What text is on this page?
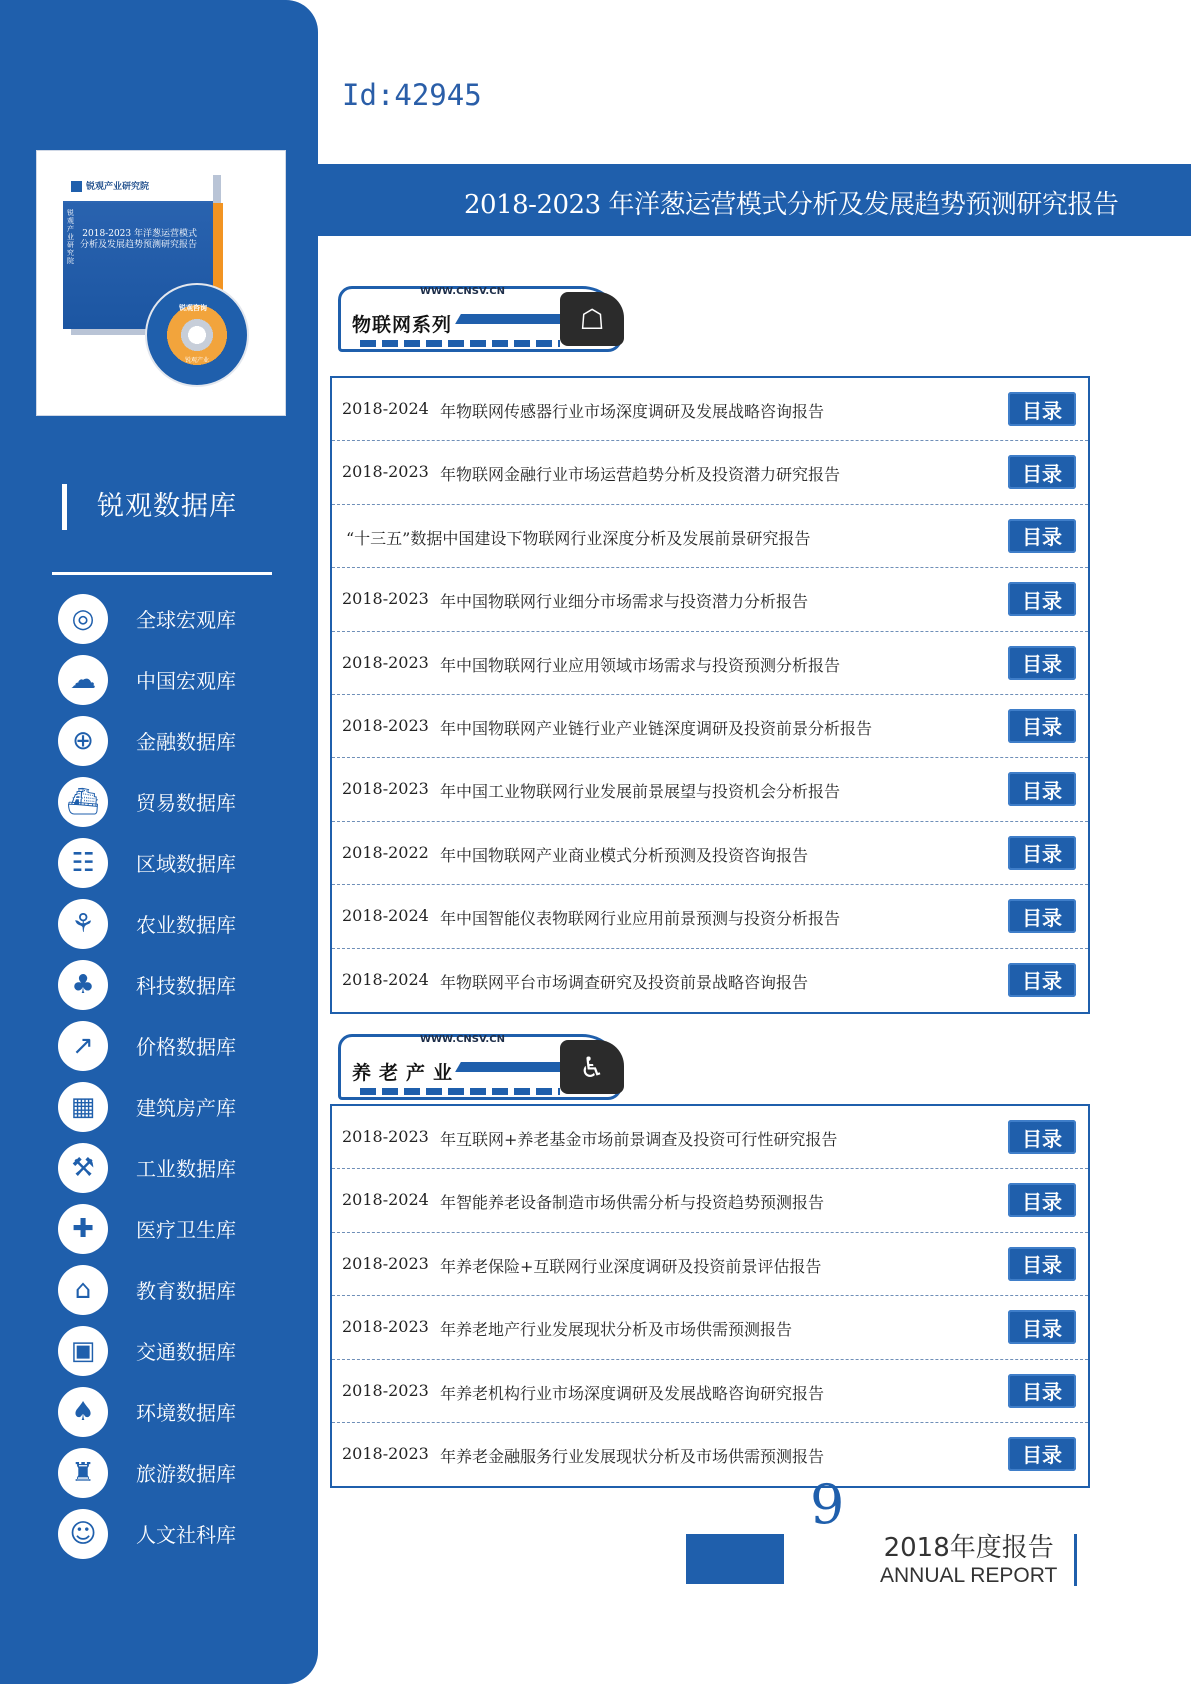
锐观产业研究院
锐观产业研究院
2018-2023 年洋葱运营模式分析及发展趋势预测研究报告
锐观咨询
锐观产业
锐观数据库
◎	全球宏观库
☁	中国宏观库
⊕	金融数据库
⛴	贸易数据库
☷	区域数据库
⚘	农业数据库
♣	科技数据库
↗	价格数据库
▦	建筑房产库
⚒	工业数据库
✚	医疗卫生库
⌂	教育数据库
▣	交通数据库
♠	环境数据库
♜	旅游数据库
☺	人文社科库
Id:42945
2018-2023 年洋葱运营模式分析及发展趋势预测研究报告
WWW.CNSV.CN
物联网系列	☖
2018-2024 年物联网传感器行业市场深度调研及发展战略咨询报告	目录
2018-2023 年物联网金融行业市场运营趋势分析及投资潜力研究报告	目录
“十三五”数据中国建设下物联网行业深度分析及发展前景研究报告	目录
2018-2023 年中国物联网行业细分市场需求与投资潜力分析报告	目录
2018-2023 年中国物联网行业应用领域市场需求与投资预测分析报告	目录
2018-2023 年中国物联网产业链行业产业链深度调研及投资前景分析报告	目录
2018-2023 年中国工业物联网行业发展前景展望与投资机会分析报告	目录
2018-2022 年中国物联网产业商业模式分析预测及投资咨询报告	目录
2018-2024 年中国智能仪表物联网行业应用前景预测与投资分析报告	目录
2018-2024 年物联网平台市场调查研究及投资前景战略咨询报告	目录
WWW.CNSV.CN
养老产业	♿
2018-2023 年互联网+养老基金市场前景调查及投资可行性研究报告	目录
2018-2024 年智能养老设备制造市场供需分析与投资趋势预测报告	目录
2018-2023 年养老保险+互联网行业深度调研及投资前景评估报告	目录
2018-2023 年养老地产行业发展现状分析及市场供需预测报告	目录
2018-2023 年养老机构行业市场深度调研及发展战略咨询研究报告	目录
2018-2023 年养老金融服务行业发展现状分析及市场供需预测报告	目录
9
2018年度报告
ANNUAL REPORT
